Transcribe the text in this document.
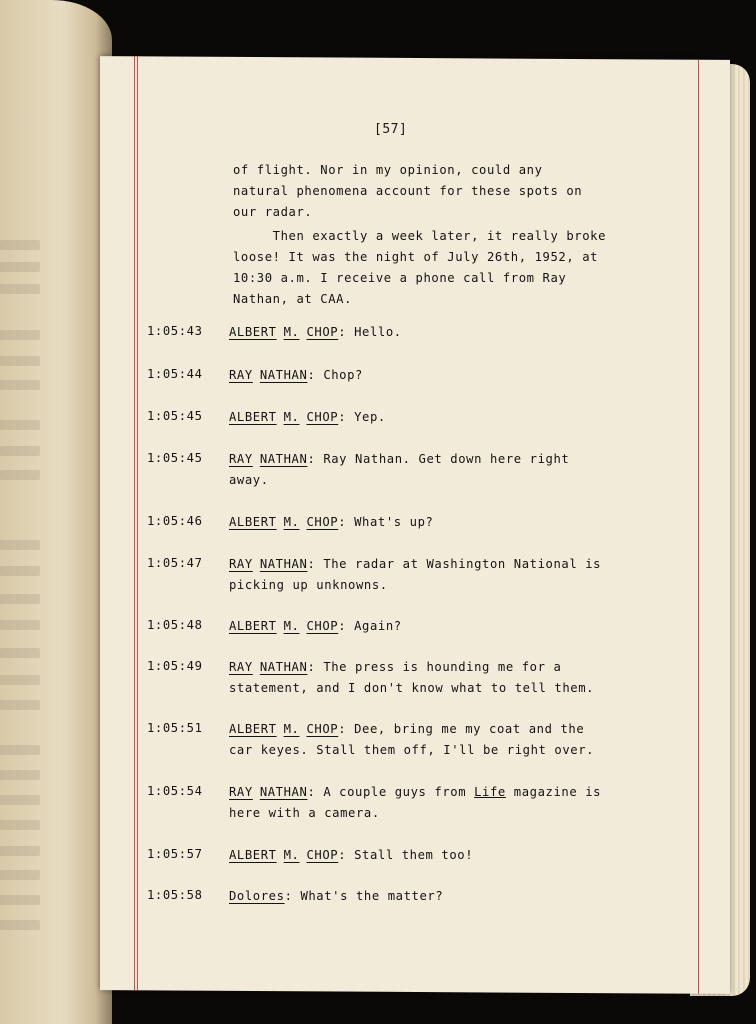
[57]
of flight. Nor in my opinion, could any
natural phenomena account for these spots on
our radar.
Then exactly a week later, it really broke
loose! It was the night of July 26th, 1952, at
10:30 a.m. I receive a phone call from Ray
Nathan, at CAA.
1:05:43 ALBERT M. CHOP: Hello.
1:05:44 RAY NATHAN: Chop?
1:05:45 ALBERT M. CHOP: Yep.
1:05:45 RAY NATHAN: Ray Nathan. Get down here right
away.
1:05:46 ALBERT M. CHOP: What's up?
1:05:47 RAY NATHAN: The radar at Washington National is
picking up unknowns.
1:05:48 ALBERT M. CHOP: Again?
1:05:49 RAY NATHAN: The press is hounding me for a
statement, and I don't know what to tell them.
1:05:51 ALBERT M. CHOP: Dee, bring me my coat and the
car keyes. Stall them off, I'll be right over.
1:05:54 RAY NATHAN: A couple guys from Life magazine is
here with a camera.
1:05:57 ALBERT M. CHOP: Stall them too!
1:05:58 Dolores: What's the matter?
